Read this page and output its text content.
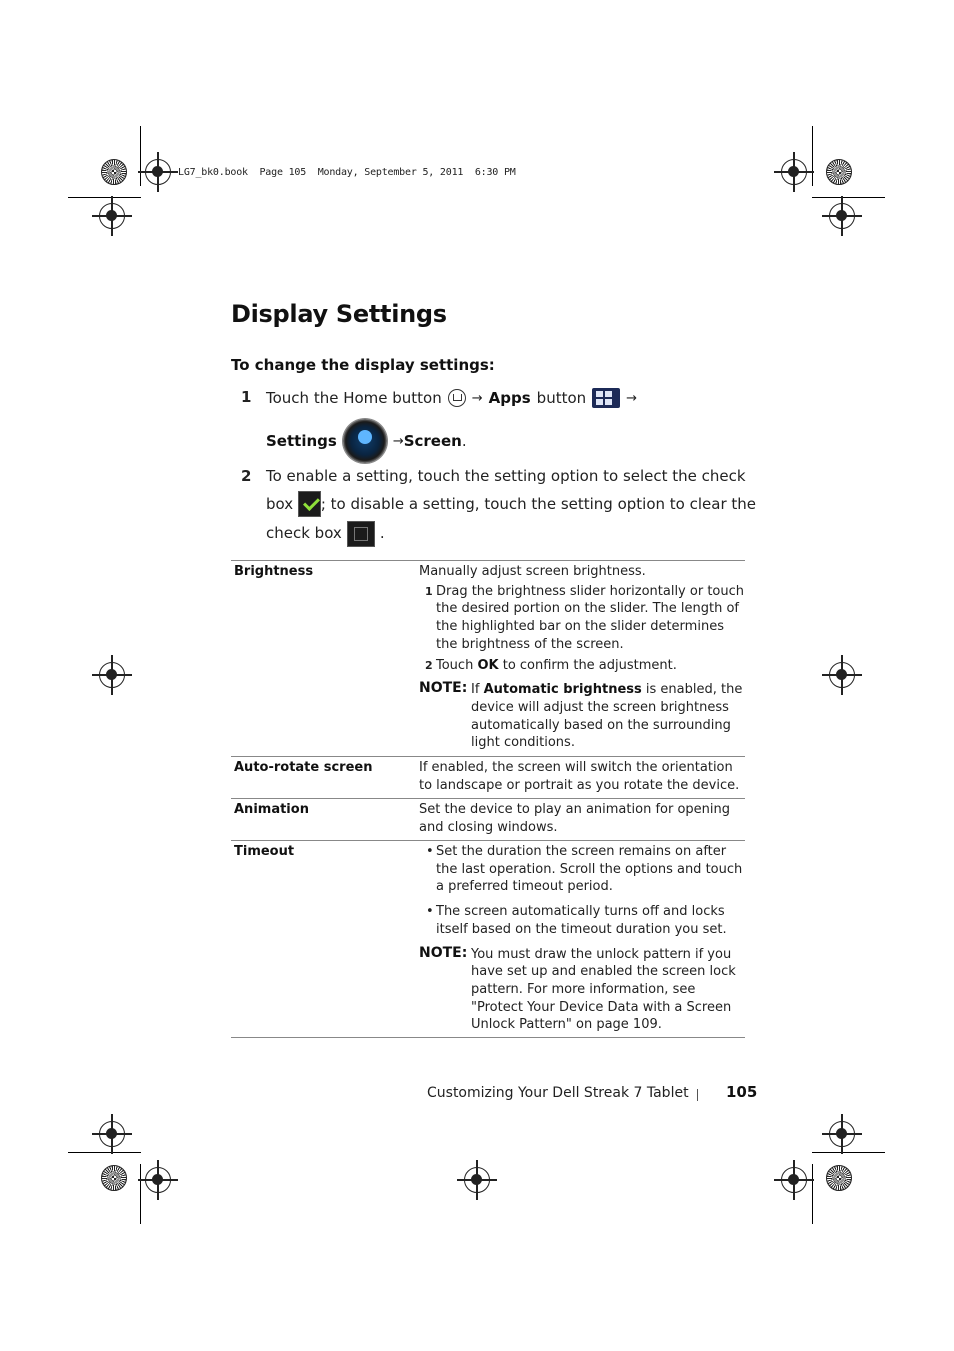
LG7_bk0.book  Page 105  Monday, September 5, 2011  6:30 PM
Display Settings
To change the display settings:
1 Touch the Home button → Apps button	→
Settings	→ Screen.
2 To enable a setting, touch the setting option to select the check
box ; to disable a setting, touch the setting option to clear the
check box	.
Brightness	Manually adjust screen brightness.
1 Drag the brightness slider horizontally or touch the desired portion on the slider. The length of the highlighted bar on the slider determines the brightness of the screen.
2 Touch OK to confirm the adjustment.
NOTE: If Automatic brightness is enabled, the device will adjust the screen brightness automatically based on the surrounding light conditions.
Auto-rotate screen	If enabled, the screen will switch the orientation to landscape or portrait as you rotate the device.
Animation	Set the device to play an animation for opening and closing windows.
Timeout
•	Set the duration the screen remains on after the last operation. Scroll the options and touch a preferred timeout period.
• The screen automatically turns off and locks itself based on the timeout duration you set.
NOTE: You must draw the unlock pattern if you have set up and enabled the screen lock pattern. For more information, see "Protect Your Device Data with a Screen Unlock Pattern" on page 109.
Customizing Your Dell Streak 7 Tablet 105
